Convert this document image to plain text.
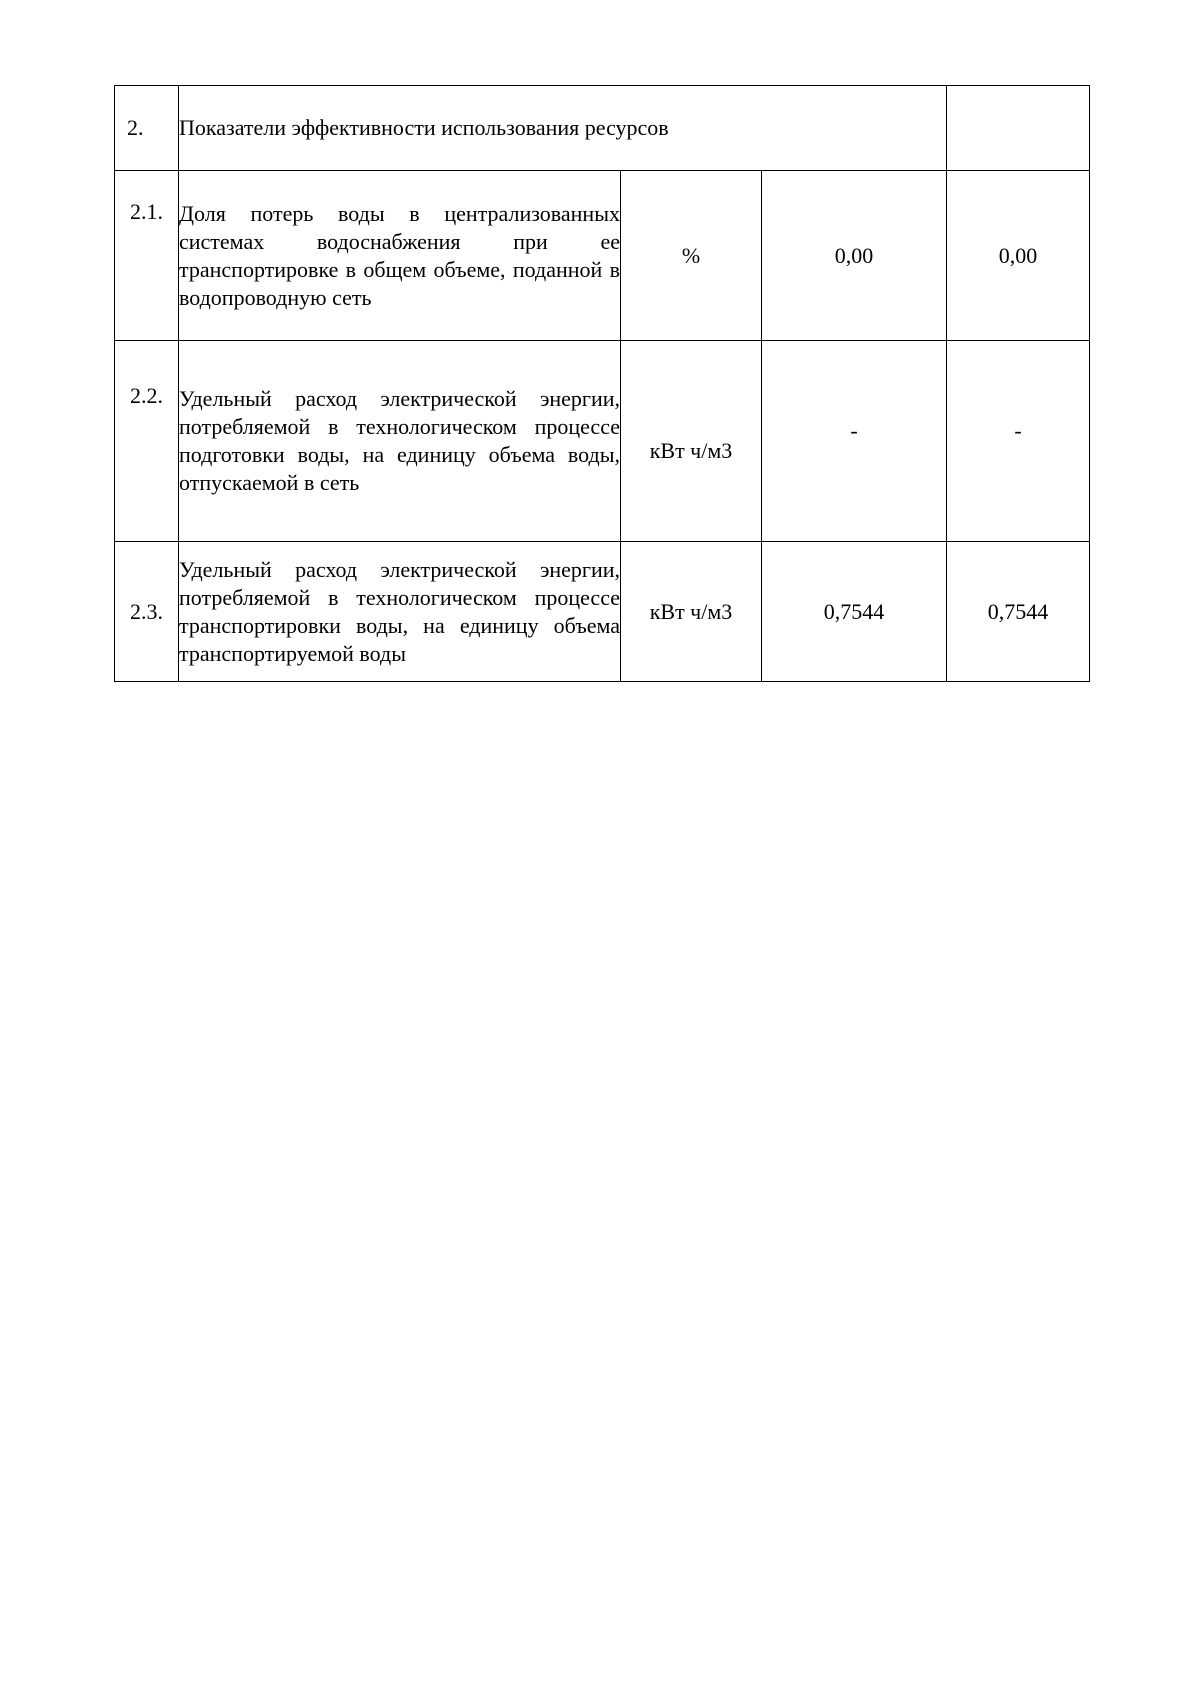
2.	Показатели эффективности использования ресурсов			
2.1.	Доля потерь воды в централизованных системах водоснабжения при ее транспортировке в общем объеме, поданной в водопроводную сеть	%	0,00	0,00
2.2.	Удельный расход электрической энергии, потребляемой в технологическом процессе подготовки воды, на единицу объема воды, отпускаемой в сеть	кВт ч/м3	-	-
2.3.	Удельный расход электрической энергии, потребляемой в технологическом процессе транспортировки воды, на единицу объема транспортируемой воды	кВт ч/м3	0,7544	0,7544
